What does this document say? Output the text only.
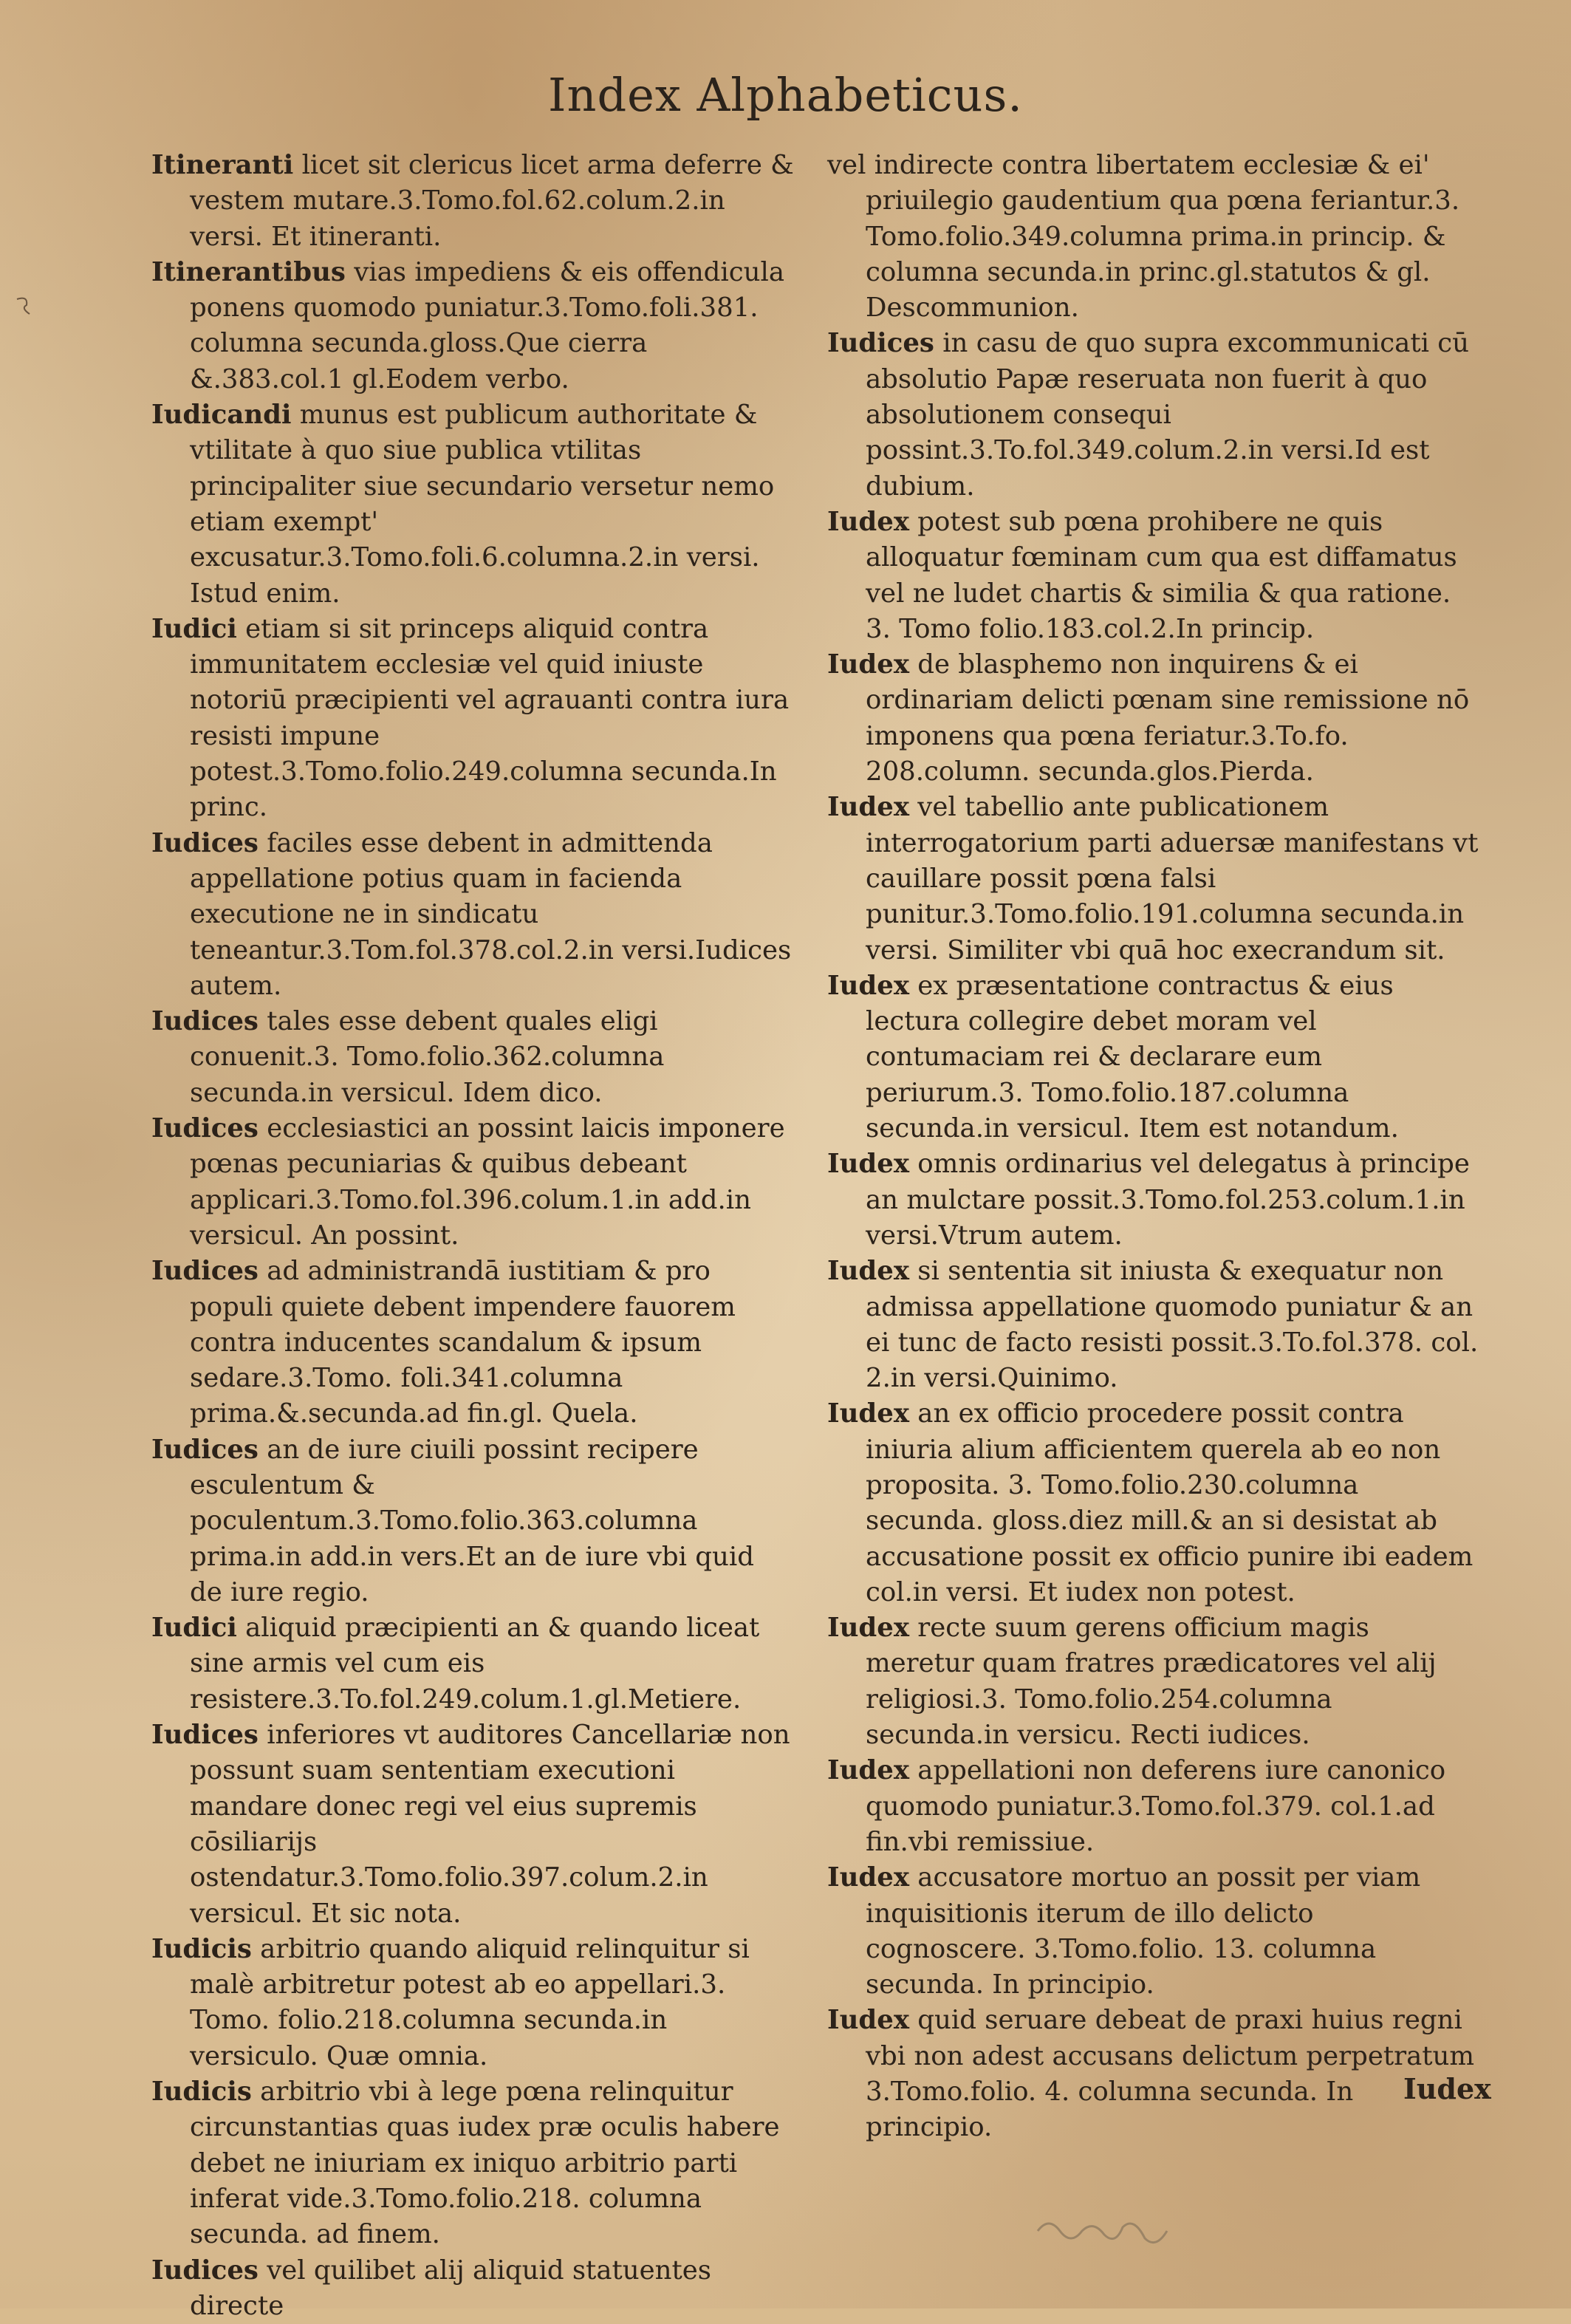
Index Alphabeticus.

Itineranti licet sit clericus licet arma deferre & vestem mutare.3.Tomo.fol.62.colum.2.in versi. Et itineranti.

Itinerantibus vias impediens & eis offendicula ponens quomodo puniatur.3.Tomo.foli.381. columna secunda.gloss.Que cierra &.383.col.1 gl.Eodem verbo.

Iudicandi munus est publicum authoritate & vtilitate à quo siue publica vtilitas principaliter siue secundario versetur nemo etiam exempt' excusatur.3.Tomo.foli.6.columna.2.in versi. Istud enim.

Iudici etiam si sit princeps aliquid contra immunitatem ecclesiæ vel quid iniuste notoriū præcipienti vel agrauanti contra iura resisti impune potest.3.Tomo.folio.249.columna secunda.In princ.

Iudices faciles esse debent in admittenda appellatione potius quam in facienda executione ne in sindicatu teneantur.3.Tom.fol.378.col.2.in versi.Iudices autem.

Iudices tales esse debent quales eligi conuenit.3. Tomo.folio.362.columna secunda.in versicul. Idem dico.

Iudices ecclesiastici an possint laicis imponere pœnas pecuniarias & quibus debeant applicari.3.Tomo.fol.396.colum.1.in add.in versicul. An possint.

Iudices ad administrandā iustitiam & pro populi quiete debent impendere fauorem contra inducentes scandalum & ipsum sedare.3.Tomo. foli.341.columna prima.&.secunda.ad fin.gl. Quela.

Iudices an de iure ciuili possint recipere esculentum & poculentum.3.Tomo.folio.363.columna prima.in add.in vers.Et an de iure vbi quid de iure regio.

Iudici aliquid præcipienti an & quando liceat sine armis vel cum eis resistere.3.To.fol.249.colum.1.gl.Metiere.

Iudices inferiores vt auditores Cancellariæ non possunt suam sententiam executioni mandare donec regi vel eius supremis cōsiliarijs ostendatur.3.Tomo.folio.397.colum.2.in versicul. Et sic nota.

Iudicis arbitrio quando aliquid relinquitur si malè arbitretur potest ab eo appellari.3. Tomo. folio.218.columna secunda.in versiculo. Quæ omnia.

Iudicis arbitrio vbi à lege pœna relinquitur circunstantias quas iudex præ oculis habere debet ne iniuriam ex iniquo arbitrio parti inferat vide.3.Tomo.folio.218. columna secunda. ad finem.

Iudices vel quilibet alij aliquid statuentes directe

vel indirecte contra libertatem ecclesiæ & ei' priuilegio gaudentium qua pœna feriantur.3. Tomo.folio.349.columna prima.in princip. & columna secunda.in princ.gl.statutos & gl. Descommunion.

Iudices in casu de quo supra excommunicati cū absolutio Papæ reseruata non fuerit à quo absolutionem consequi possint.3.To.fol.349.colum.2.in versi.Id est dubium.

Iudex potest sub pœna prohibere ne quis alloquatur fœminam cum qua est diffamatus vel ne ludet chartis & similia & qua ratione. 3. Tomo folio.183.col.2.In princip.

Iudex de blasphemo non inquirens & ei ordinariam delicti pœnam sine remissione nō imponens qua pœna feriatur.3.To.fo. 208.column. secunda.glos.Pierda.

Iudex vel tabellio ante publicationem interrogatorium parti aduersæ manifestans vt cauillare possit pœna falsi punitur.3.Tomo.folio.191.columna secunda.in versi. Similiter vbi quā hoc execrandum sit.

Iudex ex præsentatione contractus & eius lectura collegire debet moram vel contumaciam rei & declarare eum periurum.3. Tomo.folio.187.columna secunda.in versicul. Item est notandum.

Iudex omnis ordinarius vel delegatus à principe an mulctare possit.3.Tomo.fol.253.colum.1.in versi.Vtrum autem.

Iudex si sententia sit iniusta & exequatur non admissa appellatione quomodo puniatur & an ei tunc de facto resisti possit.3.To.fol.378. col. 2.in versi.Quinimo.

Iudex an ex officio procedere possit contra iniuria alium afficientem querela ab eo non proposita. 3. Tomo.folio.230.columna secunda. gloss.diez mill.& an si desistat ab accusatione possit ex officio punire ibi eadem col.in versi. Et iudex non potest.

Iudex recte suum gerens officium magis meretur quam fratres prædicatores vel alij religiosi.3. Tomo.folio.254.columna secunda.in versicu. Recti iudices.

Iudex appellationi non deferens iure canonico quomodo puniatur.3.Tomo.fol.379. col.1.ad fin.vbi remissiue.

Iudex accusatore mortuo an possit per viam inquisitionis iterum de illo delicto cognoscere. 3.Tomo.folio. 13. columna secunda. In principio.

Iudex quid seruare debeat de praxi huius regni vbi non adest accusans delictum perpetratum 3.Tomo.folio. 4. columna secunda. In principio.

Iudex
